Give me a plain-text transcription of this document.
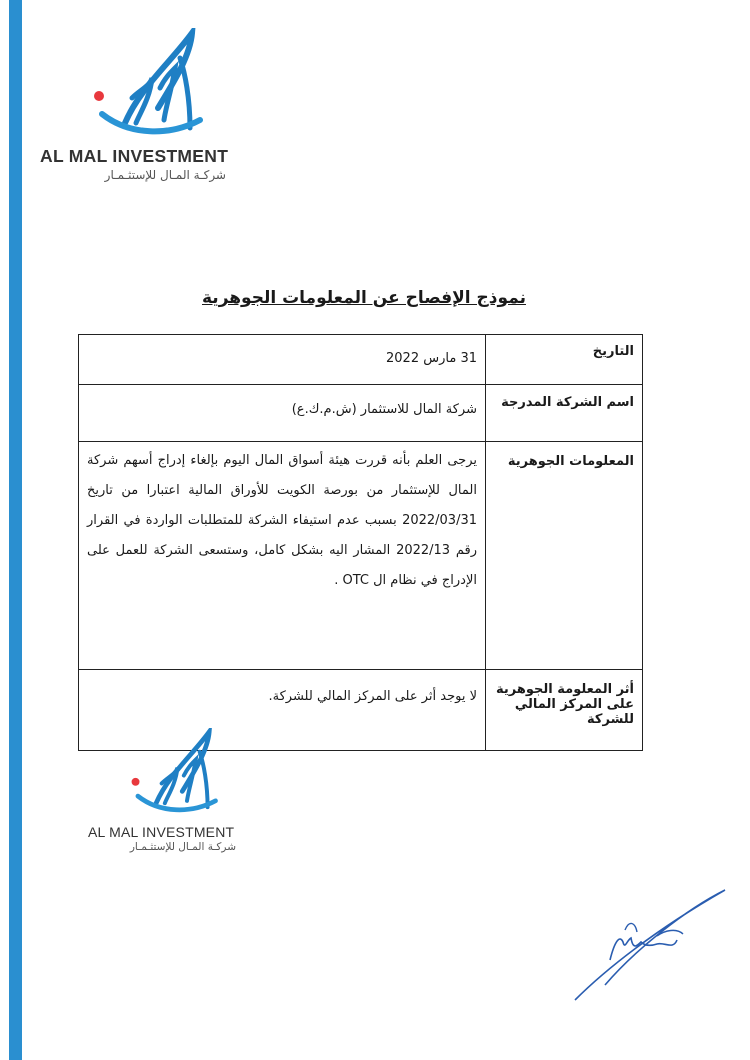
AL MAL INVESTMENT
شركـة المـال للإستثـمـار
نموذج الإفصاح عن المعلومات الجوهرية
التاريخ	31 مارس 2022
اسم الشركة المدرجة	شركة المال للاستثمار (ش.م.ك.ع)
المعلومات الجوهرية	يرجى العلم بأنه قررت هيئة أسواق المال اليوم بإلغاء إدراج أسهم شركة المال للإستثمار من بورصة الكويت للأوراق المالية اعتبارا من تاريخ 2022/03/31 بسبب عدم استيفاء الشركة للمتطلبات الواردة في القرار رقم 2022/13 المشار اليه بشكل كامل، وستسعى الشركة للعمل على الإدراج في نظام ال OTC .
أثر المعلومة الجوهرية على المركز المالي للشركة	لا يوجد أثر على المركز المالي للشركة.
AL MAL INVESTMENT
شركـة المـال للإستثـمـار
